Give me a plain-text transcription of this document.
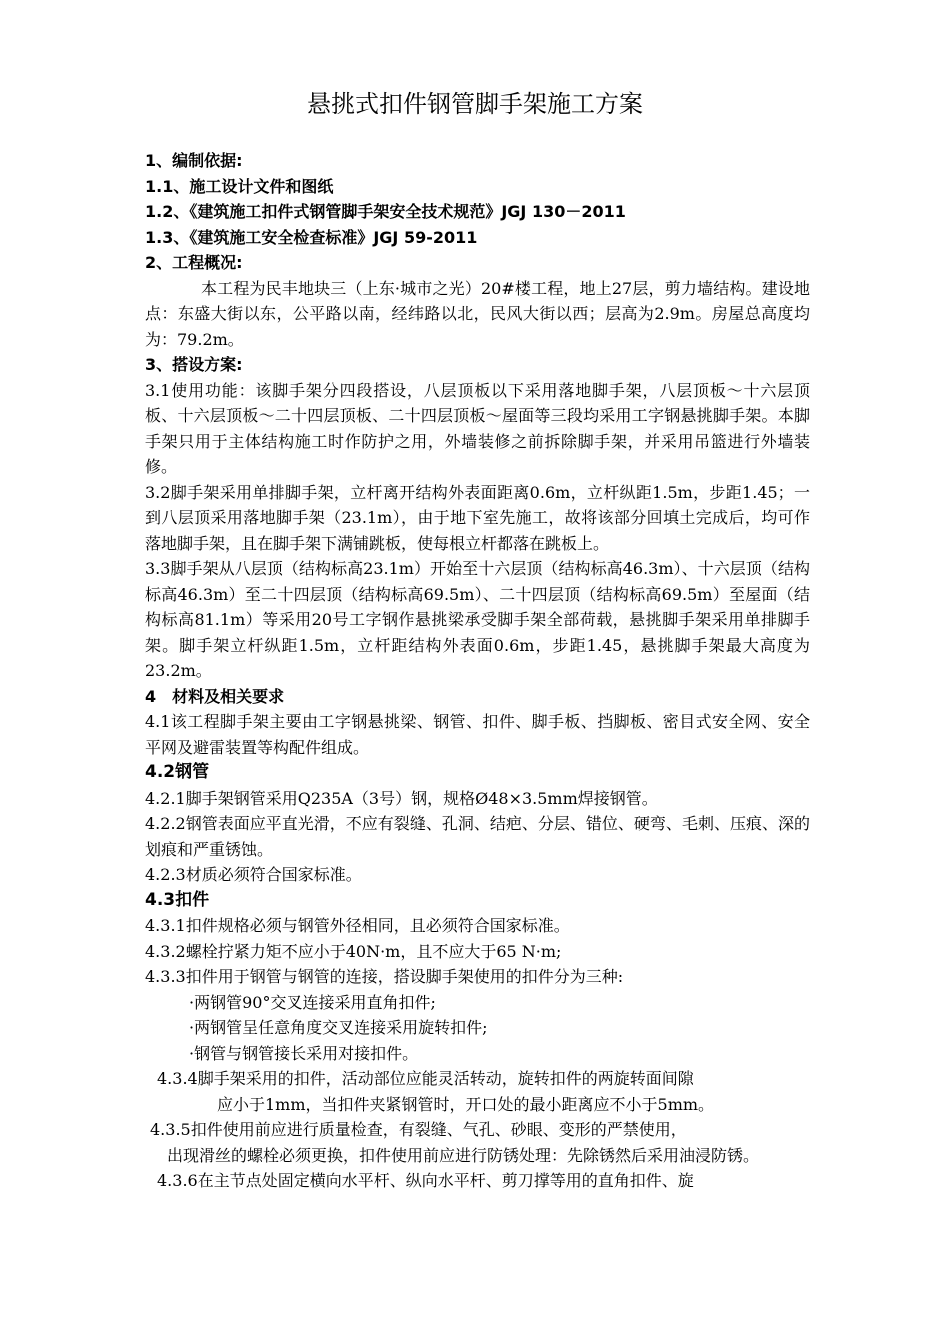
悬挑式扣件钢管脚手架施工方案

1、编制依据:

1.1、施工设计文件和图纸

1.2、《建筑施工扣件式钢管脚手架安全技术规范》JGJ 130－2011

1.3、《建筑施工安全检查标准》JGJ 59-2011

2、工程概况:

本工程为民丰地块三（上东·城市之光）20#楼工程，地上27层，剪力墙结构。建设地点：东盛大街以东，公平路以南，经纬路以北，民风大街以西；层高为2.9m。房屋总高度均为：79.2m。

3、搭设方案:

3.1使用功能：该脚手架分四段搭设，八层顶板以下采用落地脚手架，八层顶板～十六层顶板、十六层顶板～二十四层顶板、二十四层顶板～屋面等三段均采用工字钢悬挑脚手架。本脚手架只用于主体结构施工时作防护之用，外墙装修之前拆除脚手架，并采用吊篮进行外墙装修。

3.2脚手架采用单排脚手架，立杆离开结构外表面距离0.6m，立杆纵距1.5m，步距1.45；一到八层顶采用落地脚手架（23.1m），由于地下室先施工，故将该部分回填土完成后，均可作落地脚手架，且在脚手架下满铺跳板，使每根立杆都落在跳板上。

3.3脚手架从八层顶（结构标高23.1m）开始至十六层顶（结构标高46.3m）、十六层顶（结构标高46.3m）至二十四层顶（结构标高69.5m）、二十四层顶（结构标高69.5m）至屋面（结构标高81.1m）等采用20号工字钢作悬挑梁承受脚手架全部荷载，悬挑脚手架采用单排脚手架。脚手架立杆纵距1.5m，立杆距结构外表面0.6m，步距1.45，悬挑脚手架最大高度为23.2m。

4　材料及相关要求

4.1该工程脚手架主要由工字钢悬挑梁、钢管、扣件、脚手板、挡脚板、密目式安全网、安全平网及避雷装置等构配件组成。

4.2钢管

4.2.1脚手架钢管采用Q235A（3号）钢，规格Ø48×3.5mm焊接钢管。

4.2.2钢管表面应平直光滑，不应有裂缝、孔洞、结疤、分层、错位、硬弯、毛刺、压痕、深的划痕和严重锈蚀。

4.2.3材质必须符合国家标准。

4.3扣件

4.3.1扣件规格必须与钢管外径相同，且必须符合国家标准。

4.3.2螺栓拧紧力矩不应小于40N·m，且不应大于65 N·m;

4.3.3扣件用于钢管与钢管的连接，搭设脚手架使用的扣件分为三种:

·两钢管90°交叉连接采用直角扣件;

·两钢管呈任意角度交叉连接采用旋转扣件;

·钢管与钢管接长采用对接扣件。

4.3.4脚手架采用的扣件，活动部位应能灵活转动，旋转扣件的两旋转面间隙

应小于1mm，当扣件夹紧钢管时，开口处的最小距离应不小于5mm。

4.3.5扣件使用前应进行质量检查，有裂缝、气孔、砂眼、变形的严禁使用，

出现滑丝的螺栓必须更换，扣件使用前应进行防锈处理：先除锈然后采用油浸防锈。

4.3.6在主节点处固定横向水平杆、纵向水平杆、剪刀撑等用的直角扣件、旋
